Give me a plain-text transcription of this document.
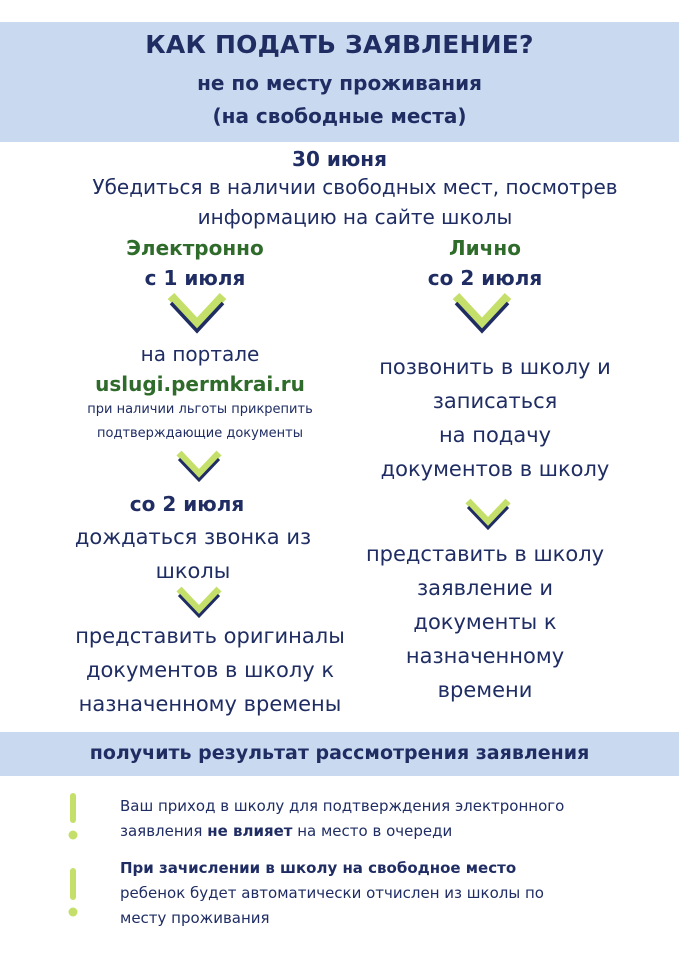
КАК ПОДАТЬ ЗАЯВЛЕНИЕ?
не по месту проживания
(на свободные места)
30 июня
Убедиться в наличии свободных мест, посмотрев
информацию на сайте школы
Электронно
с 1 июля
на портале
uslugi.permkrai.ru
при наличии льготы прикрепить
подтверждающие документы
со 2 июля
дождаться звонка из
школы
представить оригиналы
документов в школу к
назначенному времены
Лично
со 2 июля
позвонить в школу и
записаться
на подачу
документов в школу
представить в школу
заявление и
документы к
назначенному
времени
получить результат рассмотрения заявления
Ваш приход в школу для подтверждения электронного
заявления не влияет на место в очереди
При зачислении в школу на свободное место
ребенок будет автоматически отчислен из школы по
месту проживания
